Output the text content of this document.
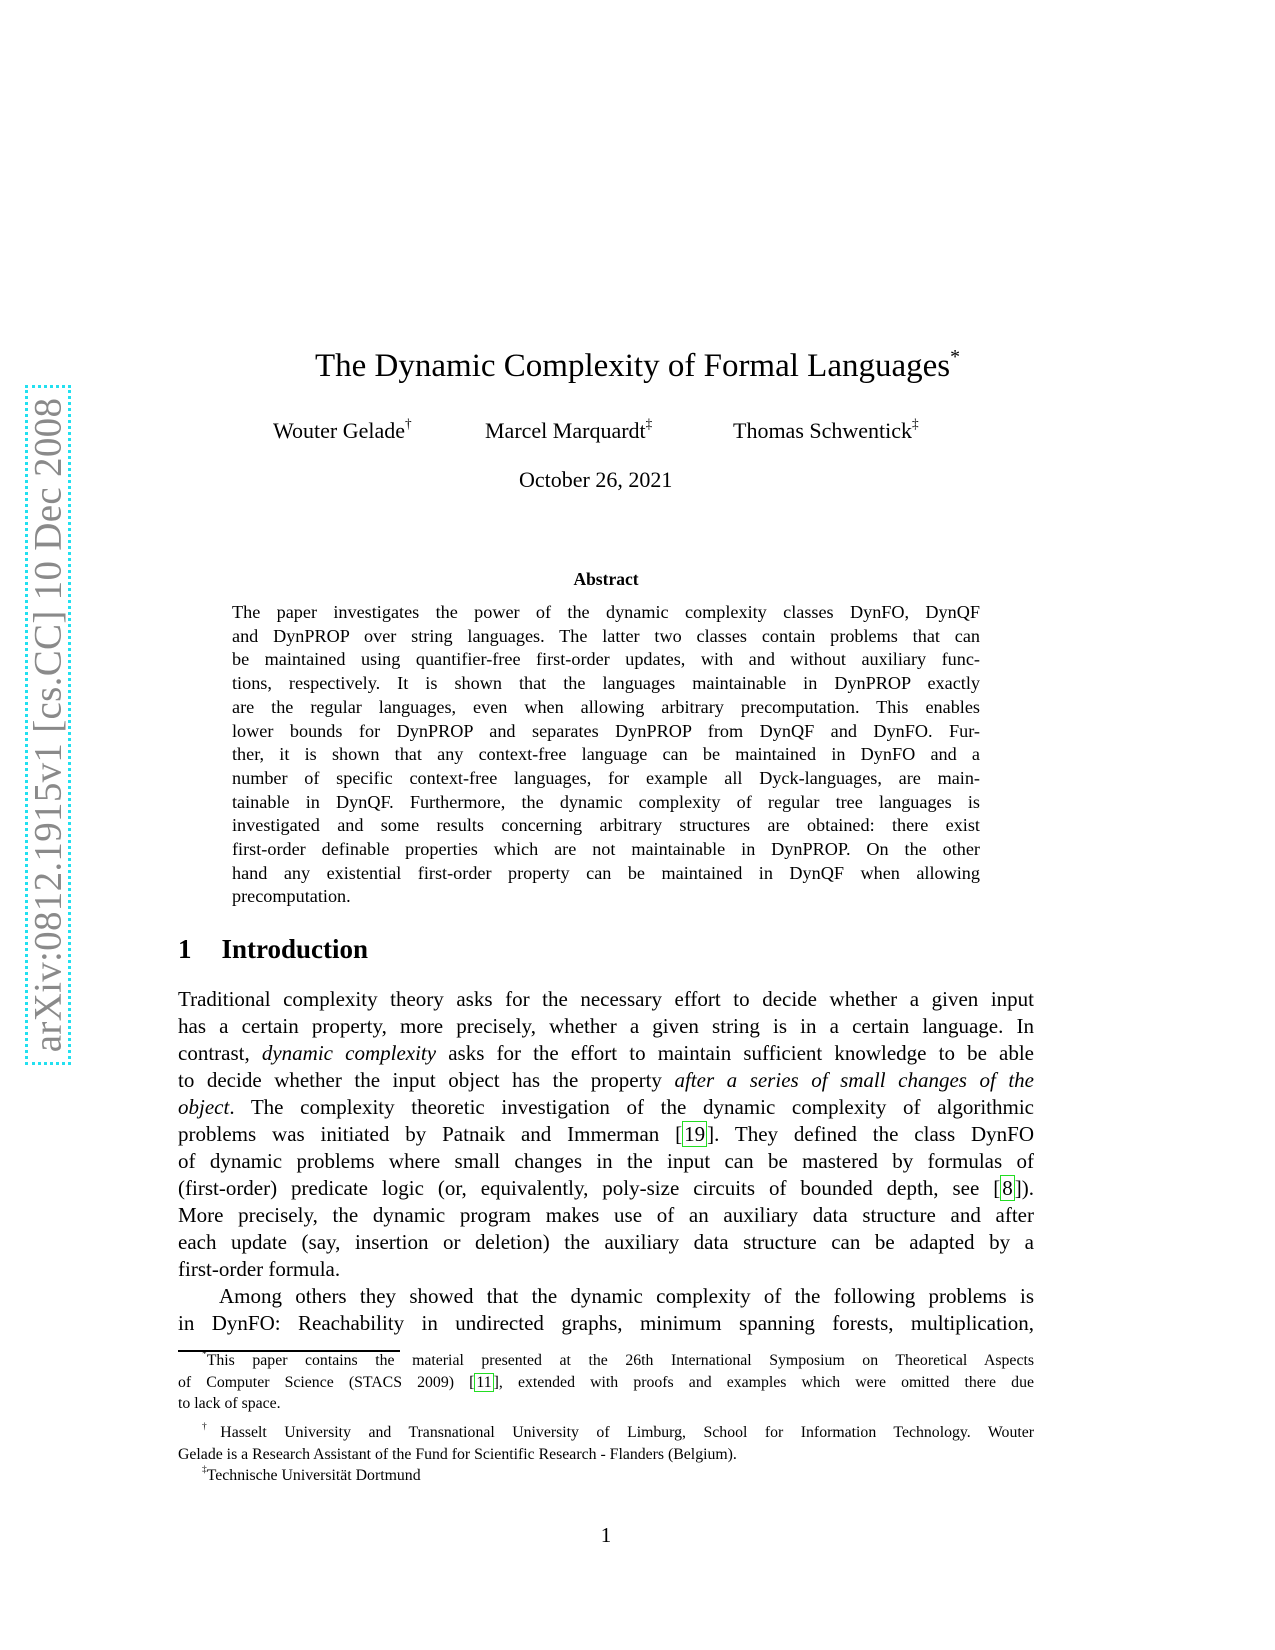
arXiv:0812.1915v1 [cs.CC] 10 Dec 2008
The Dynamic Complexity of Formal Languages*
Wouter Gelade†	Marcel Marquardt‡	Thomas Schwentick‡
October 26, 2021
Abstract
The paper investigates the power of the dynamic complexity classes DynFO, DynQF
and DynPROP over string languages. The latter two classes contain problems that can
be maintained using quantifier-free first-order updates, with and without auxiliary func-
tions, respectively. It is shown that the languages maintainable in DynPROP exactly
are the regular languages, even when allowing arbitrary precomputation. This enables
lower bounds for DynPROP and separates DynPROP from DynQF and DynFO. Fur-
ther, it is shown that any context-free language can be maintained in DynFO and a
number of specific context-free languages, for example all Dyck-languages, are main-
tainable in DynQF. Furthermore, the dynamic complexity of regular tree languages is
investigated and some results concerning arbitrary structures are obtained: there exist
first-order definable properties which are not maintainable in DynPROP. On the other
hand any existential first-order property can be maintained in DynQF when allowing
precomputation.
1 Introduction
Traditional complexity theory asks for the necessary effort to decide whether a given input
has a certain property, more precisely, whether a given string is in a certain language. In
contrast, dynamic complexity asks for the effort to maintain sufficient knowledge to be able
to decide whether the input object has the property after a series of small changes of the
object. The complexity theoretic investigation of the dynamic complexity of algorithmic
problems was initiated by Patnaik and Immerman [19]. They defined the class DynFO
of dynamic problems where small changes in the input can be mastered by formulas of
(first-order) predicate logic (or, equivalently, poly-size circuits of bounded depth, see [8]).
More precisely, the dynamic program makes use of an auxiliary data structure and after
each update (say, insertion or deletion) the auxiliary data structure can be adapted by a
first-order formula.
Among others they showed that the dynamic complexity of the following problems is
in DynFO: Reachability in undirected graphs, minimum spanning forests, multiplication,
*This paper contains the material presented at the 26th International Symposium on Theoretical Aspects
of Computer Science (STACS 2009) [ 11 ], extended with proofs and examples which were omitted there due
to lack of space.
†Hasselt University and Transnational University of Limburg, School for Information Technology. Wouter
Gelade is a Research Assistant of the Fund for Scientific Research - Flanders (Belgium).
‡Technische Universität Dortmund
1
